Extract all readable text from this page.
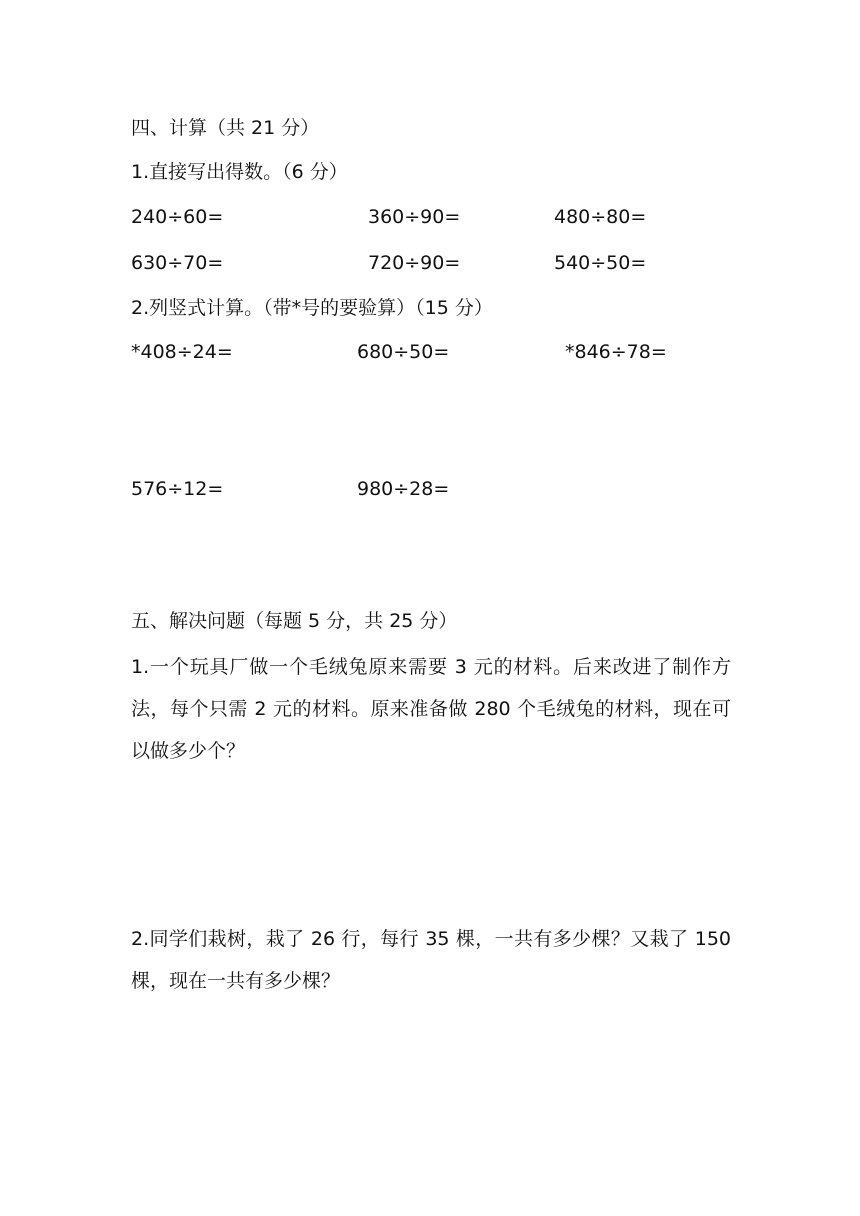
四、计算（共 21 分）
1.直接写出得数。（6 分）
240÷60=	360÷90=	480÷80=
630÷70=	720÷90=	540÷50=
2.列竖式计算。（带*号的要验算）（15 分）
*408÷24=	680÷50=	*846÷78=
576÷12=	980÷28=
五、解决问题（每题 5 分，共 25 分）
1.一个玩具厂做一个毛绒兔原来需要 3 元的材料。后来改进了制作方法，每个只需 2 元的材料。原来准备做 280 个毛绒兔的材料，现在可以做多少个？
2.同学们栽树，栽了 26 行，每行 35 棵，一共有多少棵？又栽了 150 棵，现在一共有多少棵？
